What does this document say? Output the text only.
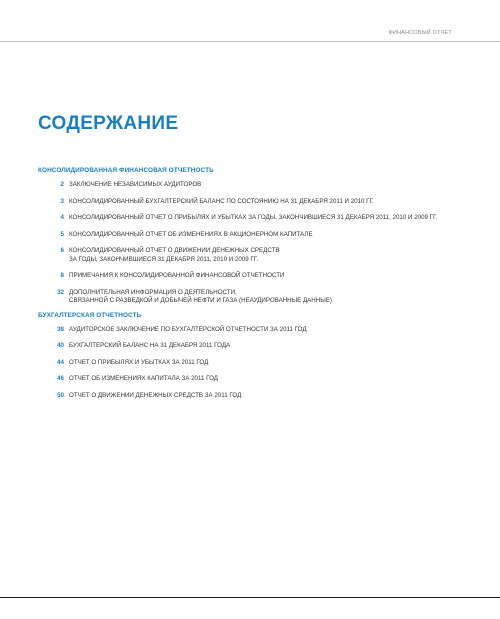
ФИНАНСОВЫЙ ОТЧЕТ
СОДЕРЖАНИЕ
КОНСОЛИДИРОВАННАЯ ФИНАНСОВАЯ ОТЧЕТНОСТЬ
2 ЗАКЛЮЧЕНИЕ НЕЗАВИСИМЫХ АУДИТОРОВ
3 КОНСОЛИДИРОВАННЫЙ БУХГАЛТЕРСКИЙ БАЛАНС ПО СОСТОЯНИЮ НА 31 ДЕКАБРЯ 2011 И 2010 ГГ.
4 КОНСОЛИДИРОВАННЫЙ ОТЧЕТ О ПРИБЫЛЯХ И УБЫТКАХ ЗА ГОДЫ, ЗАКОНЧИВШИЕСЯ 31 ДЕКАБРЯ 2011, 2010 И 2009 ГГ.
5 КОНСОЛИДИРОВАННЫЙ ОТЧЕТ ОБ ИЗМЕНЕНИЯХ В АКЦИОНЕРНОМ КАПИТАЛЕ
6 КОНСОЛИДИРОВАННЫЙ ОТЧЕТ О ДВИЖЕНИИ ДЕНЕЖНЫХ СРЕДСТВ
ЗА ГОДЫ, ЗАКОНЧИВШИЕСЯ 31 ДЕКАБРЯ 2011, 2010 И 2009 ГГ.
8 ПРИМЕЧАНИЯ К КОНСОЛИДИРОВАННОЙ ФИНАНСОВОЙ ОТЧЕТНОСТИ
32 ДОПОЛНИТЕЛЬНАЯ ИНФОРМАЦИЯ О ДЕЯТЕЛЬНОСТИ,
СВЯЗАННОЙ С РАЗВЕДКОЙ И ДОБЫЧЕЙ НЕФТИ И ГАЗА (НЕАУДИРОВАННЫЕ ДАННЫЕ)
БУХГАЛТЕРСКАЯ ОТЧЕТНОСТЬ
38 АУДИТОРСКОЕ ЗАКЛЮЧЕНИЕ ПО БУХГАЛТЕРСКОЙ ОТЧЕТНОСТИ ЗА 2011 ГОД
40 БУХГАЛТЕРСКИЙ БАЛАНС НА 31 ДЕКАБРЯ 2011 ГОДА
44 ОТЧЕТ О ПРИБЫЛЯХ И УБЫТКАХ ЗА 2011 ГОД
46 ОТЧЕТ ОБ ИЗМЕНЕНИЯХ КАПИТАЛА ЗА 2011 ГОД
50 ОТЧЕТ О ДВИЖЕНИИ ДЕНЕЖНЫХ СРЕДСТВ ЗА 2011 ГОД
